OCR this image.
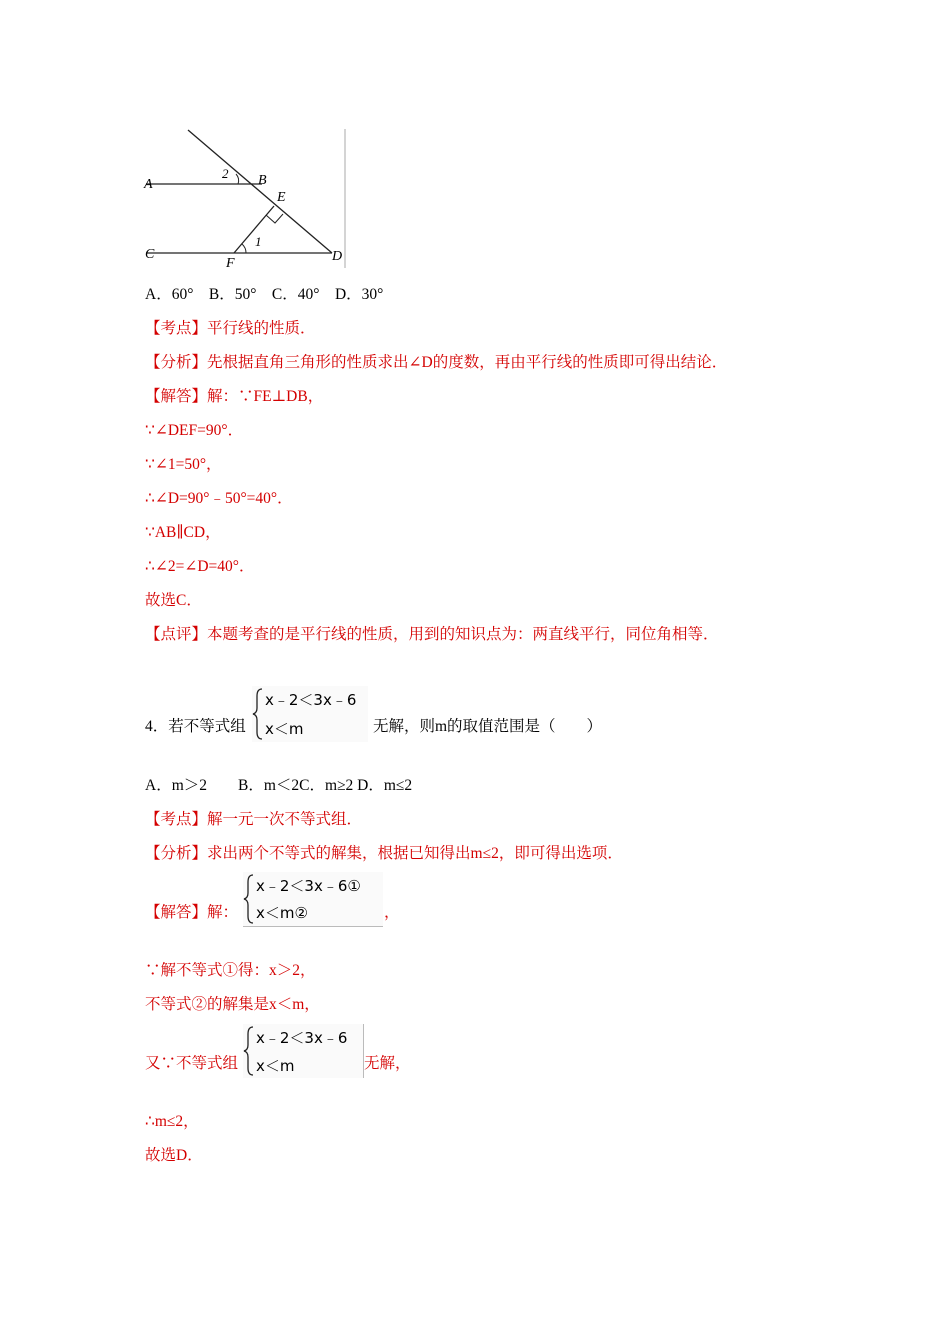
A	B
C	D
E
F
1
2
A．60°　B．50°　C．40°　D．30°
【考点】平行线的性质．
【分析】先根据直角三角形的性质求出∠D的度数，再由平行线的性质即可得出结论．
【解答】解：∵FE⊥DB，
∵∠DEF=90°．
∵∠1=50°，
∴∠D=90°﹣50°=40°．
∵AB∥CD，
∴∠2=∠D=40°．
故选C．
【点评】本题考查的是平行线的性质，用到的知识点为：两直线平行，同位角相等．
4．若不等式组
x﹣2＜3x﹣6
x＜m	无解，则m的取值范围是（　　）
A．m＞2　　B．m＜2C．m≥2 D．m≤2
【考点】解一元一次不等式组．
【分析】求出两个不等式的解集，根据已知得出m≤2，即可得出选项．
【解答】解：
x﹣2＜3x﹣6①
x＜m②	，
∵解不等式①得：x＞2，
不等式②的解集是x＜m，
又∵不等式组
x﹣2＜3x﹣6
x＜m	无解，
∴m≤2，
故选D．
